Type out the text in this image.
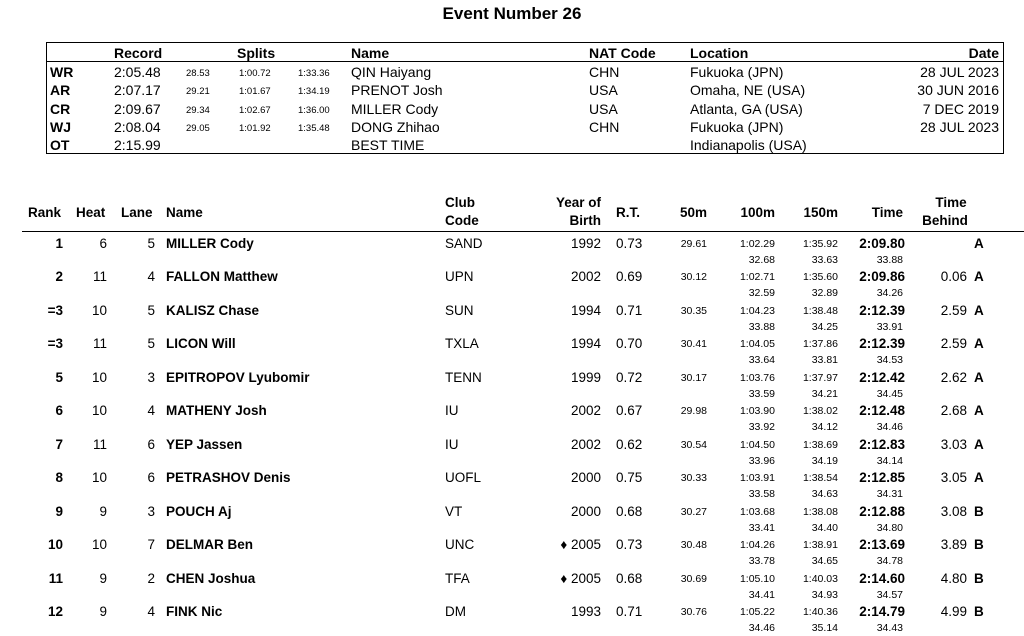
Event Number 26
Record	Splits	Name	NAT Code Location	Date
WR	2:05.48	28.53	1:00.72	1:33.36 QIN Haiyang	CHN	Fukuoka (JPN)	28 JUL 2023
AR	2:07.17	29.21	1:01.67	1:34.19 PRENOT Josh	USA	Omaha, NE (USA)	30 JUN 2016
CR	2:09.67	29.34	1:02.67	1:36.00 MILLER Cody	USA	Atlanta, GA (USA)	7 DEC 2019
WJ	2:08.04	29.05	1:01.92	1:35.48 DONG Zhihao	CHN	Fukuoka (JPN)	28 JUL 2023
OT	2:15.99	BEST TIME	Indianapolis (USA)
Rank Heat Lane Name
Club
Code
Year of
Birth
R.T.	50m	100m	150m	Time
Time
Behind
1	6	5 MILLER Cody	SAND	1992 0.73	29.61	1:02.29	1:35.92	2:09.80	A
32.68	33.63	33.88
2	11	4 FALLON Matthew	UPN	2002 0.69	30.12	1:02.71	1:35.60	2:09.86	0.06 A
32.59	32.89	34.26
=3	10	5 KALISZ Chase	SUN	1994 0.71	30.35	1:04.23	1:38.48	2:12.39	2.59 A
33.88	34.25	33.91
=3	11	5 LICON Will	TXLA	1994 0.70	30.41	1:04.05	1:37.86	2:12.39	2.59 A
33.64	33.81	34.53
5	10	3 EPITROPOV Lyubomir	TENN	1999 0.72	30.17	1:03.76	1:37.97	2:12.42	2.62 A
33.59	34.21	34.45
6	10	4 MATHENY Josh	IU	2002 0.67	29.98	1:03.90	1:38.02	2:12.48	2.68 A
33.92	34.12	34.46
7	11	6 YEP Jassen	IU	2002 0.62	30.54	1:04.50	1:38.69	2:12.83	3.03 A
33.96	34.19	34.14
8	10	6 PETRASHOV Denis	UOFL	2000 0.75	30.33	1:03.91	1:38.54	2:12.85	3.05 A
33.58	34.63	34.31
9	9	3 POUCH Aj	VT	2000 0.68	30.27	1:03.68	1:38.08	2:12.88	3.08 B
33.41	34.40	34.80
10	10	7 DELMAR Ben	UNC	♦ 2005 0.73	30.48	1:04.26	1:38.91	2:13.69	3.89 B
33.78	34.65	34.78
11	9	2 CHEN Joshua	TFA	♦ 2005 0.68	30.69	1:05.10	1:40.03	2:14.60	4.80 B
34.41	34.93	34.57
12	9	4 FINK Nic	DM	1993 0.71	30.76	1:05.22	1:40.36	2:14.79	4.99 B
34.46	35.14	34.43
